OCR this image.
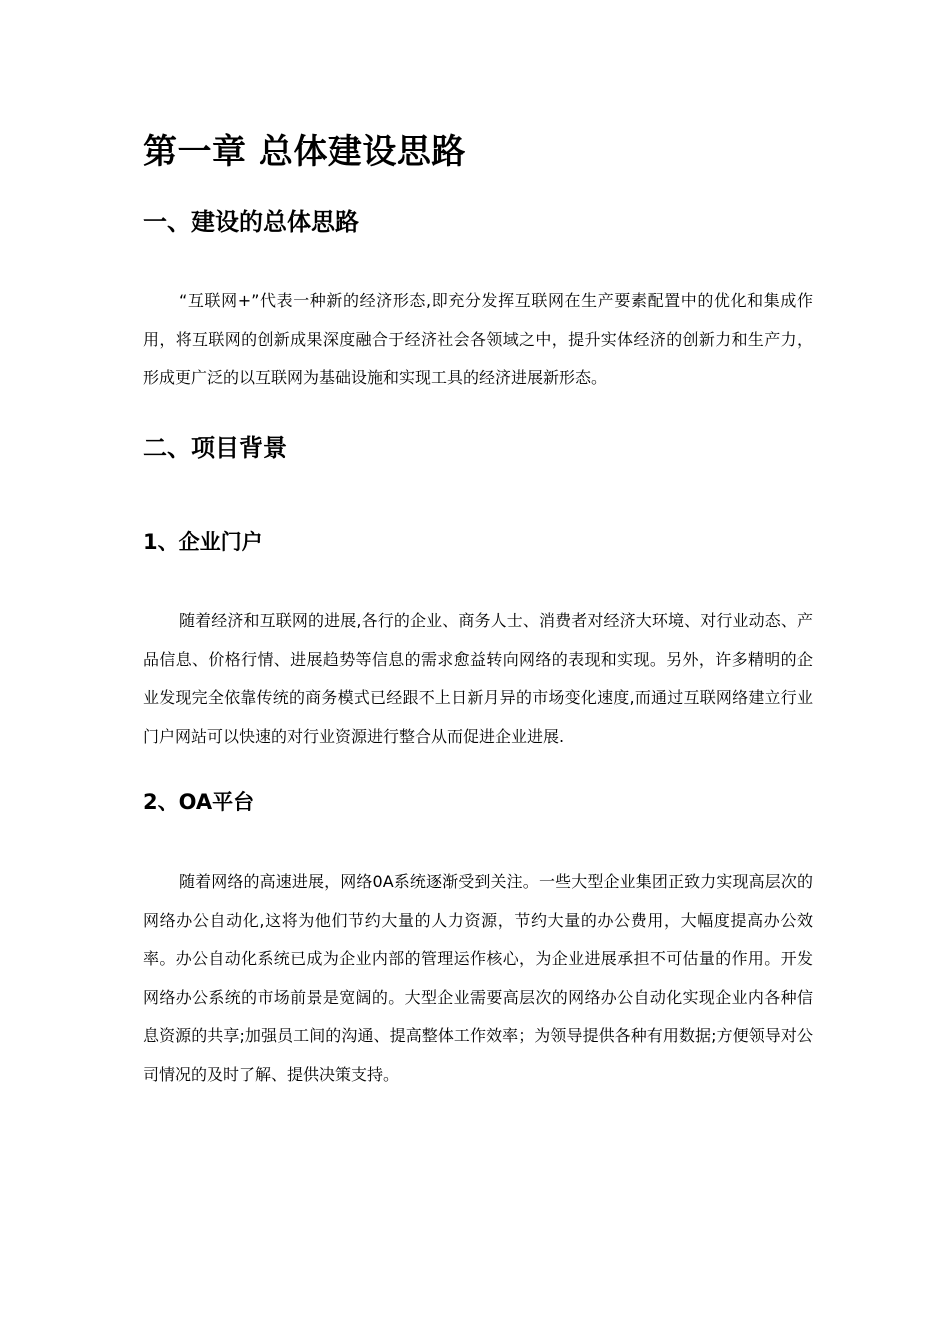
第一章 总体建设思路
一、建设的总体思路

“互联网+”代表一种新的经济形态,即充分发挥互联网在生产要素配置中的优化和集成作用，将互联网的创新成果深度融合于经济社会各领域之中，提升实体经济的创新力和生产力，形成更广泛的以互联网为基础设施和实现工具的经济进展新形态。

二、项目背景
1、企业门户

随着经济和互联网的进展,各行的企业、商务人士、消费者对经济大环境、对行业动态、产品信息、价格行情、进展趋势等信息的需求愈益转向网络的表现和实现。另外，许多精明的企业发现完全依靠传统的商务模式已经跟不上日新月异的市场变化速度,而通过互联网络建立行业门户网站可以快速的对行业资源进行整合从而促进企业进展.

2、OA平台

随着网络的高速进展，网络0A系统逐渐受到关注。一些大型企业集团正致力实现高层次的网络办公自动化,这将为他们节约大量的人力资源，节约大量的办公费用，大幅度提高办公效率。办公自动化系统已成为企业内部的管理运作核心，为企业进展承担不可估量的作用。开发网络办公系统的市场前景是宽阔的。大型企业需要高层次的网络办公自动化实现企业内各种信息资源的共享;加强员工间的沟通、提高整体工作效率；为领导提供各种有用数据;方便领导对公司情况的及时了解、提供决策支持。
